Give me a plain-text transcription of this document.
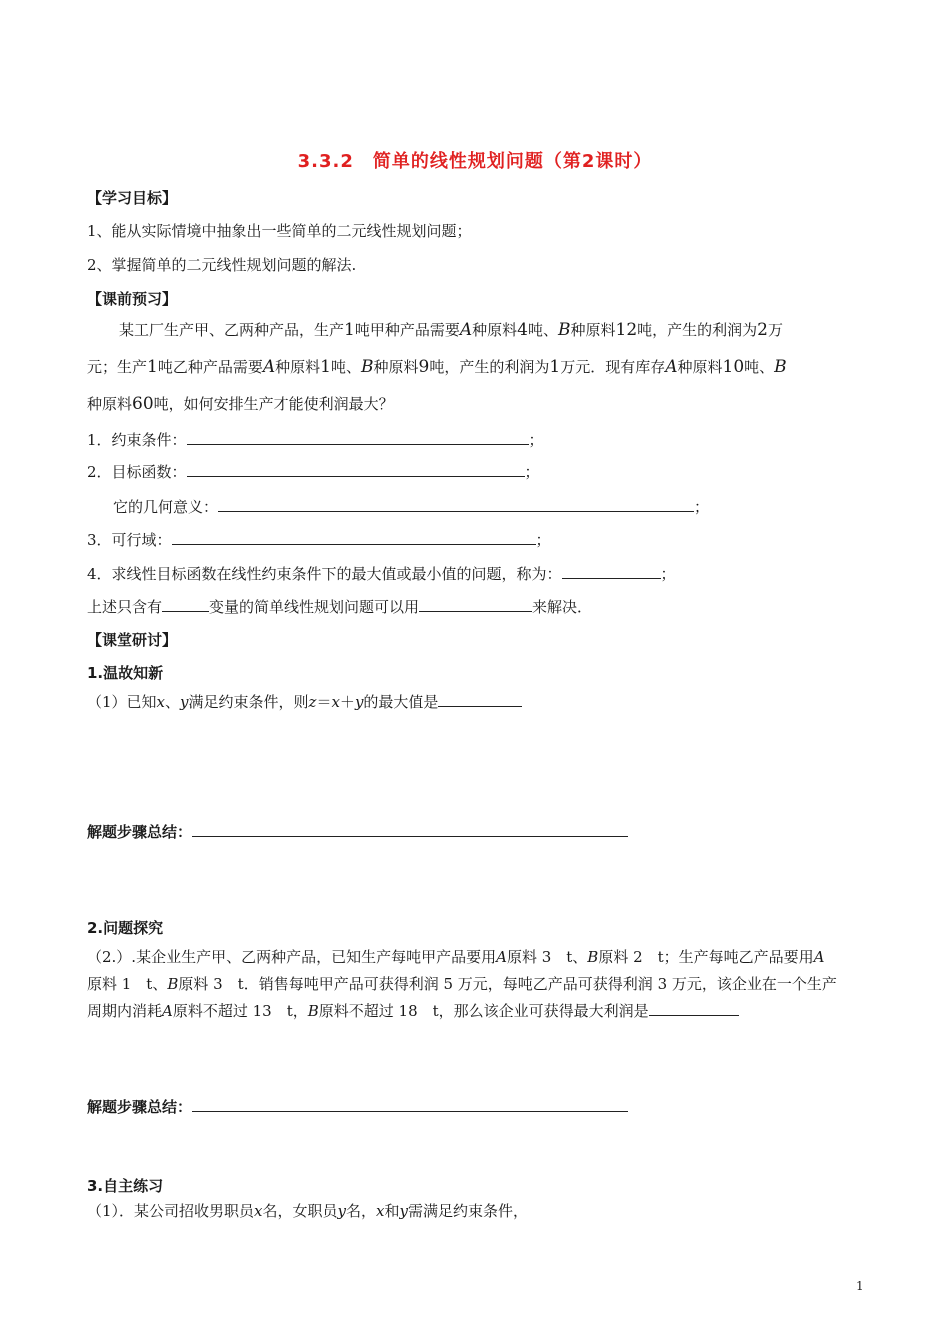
3.3.2　简单的线性规划问题（第2课时）
【学习目标】
1、能从实际情境中抽象出一些简单的二元线性规划问题；
2、掌握简单的二元线性规划问题的解法.
【课前预习】
某工厂生产甲、乙两种产品，生产1吨甲种产品需要A种原料4吨、B种原料12吨，产生的利润为2万
元；生产1吨乙种产品需要A种原料1吨、B种原料9吨，产生的利润为1万元．现有库存A种原料10吨、B
种原料60吨，如何安排生产才能使利润最大？
1．约束条件：	；
2．目标函数：	；
它的几何意义：	；
3．可行域：	；
4．求线性目标函数在线性约束条件下的最大值或最小值的问题，称为：	；
上述只含有	变量的简单线性规划问题可以用	来解决．
【课堂研讨】
1.温故知新
（1）已知x、y满足约束条件，则z＝x＋y的最大值是
解题步骤总结：
2.问题探究
（2.）.某企业生产甲、乙两种产品，已知生产每吨甲产品要用A原料 3　t、B原料 2　t；生产每吨乙产品要用A
原料 1　t、B原料 3　t．销售每吨甲产品可获得利润 5 万元，每吨乙产品可获得利润 3 万元，该企业在一个生产
周期内消耗A原料不超过 13　t，B原料不超过 18　t，那么该企业可获得最大利润是
解题步骤总结：
3.自主练习
（1）．某公司招收男职员x名，女职员y名，x和y需满足约束条件，
1
